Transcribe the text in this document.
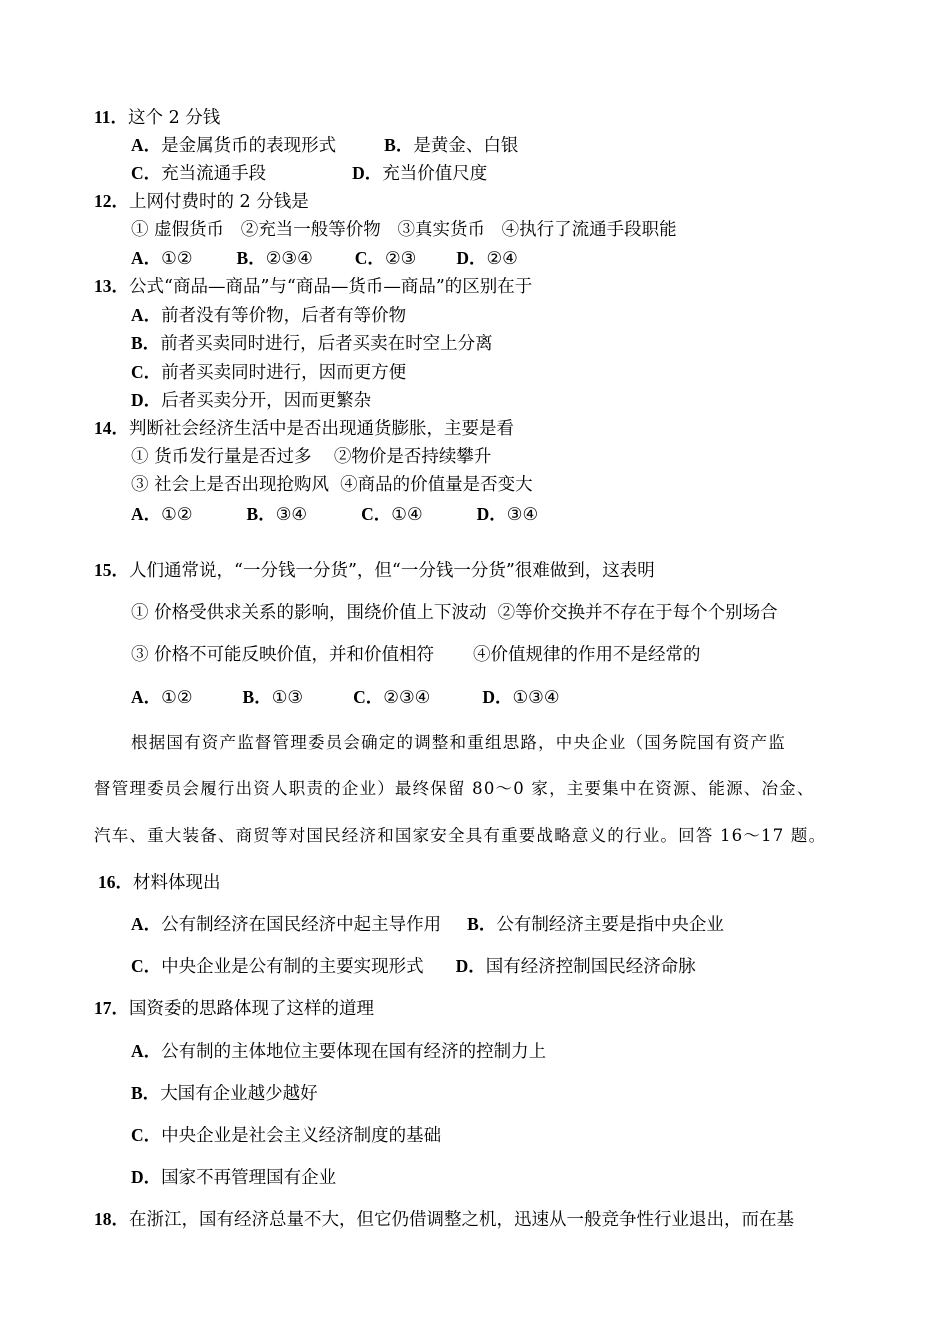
11．这个 2 分钱
A．是金属货币的表现形式	B．是黄金、白银
C．充当流通手段	D．充当价值尺度
12．上网付费时的 2 分钱是
① 虚假货币   ②充当一般等价物   ③真实货币   ④执行了流通手段职能
A．①②	B．②③④ C．②③ D．②④
13．公式“商品—商品”与“商品—货币—商品”的区别在于
A．前者没有等价物，后者有等价物
B．前者买卖同时进行，后者买卖在时空上分离
C．前者买卖同时进行，因而更方便
D．后者买卖分开，因而更繁杂
14．判断社会经济生活中是否出现通货膨胀，主要是看
① 货币发行量是否过多    ②物价是否持续攀升
③ 社会上是否出现抢购风  ④商品的价值量是否变大
A．①②	B．③④	C．①④	D．③④
15．人们通常说，“一分钱一分货”，但“一分钱一分货”很难做到，这表明
① 价格受供求关系的影响，围绕价值上下波动  ②等价交换并不存在于每个个别场合
③ 价格不可能反映价值，并和价值相符       ④价值规律的作用不是经常的
A．①②	B．①③	C．②③④	D．①③④
根据国有资产监督管理委员会确定的调整和重组思路，中央企业（国务院国有资产监
督管理委员会履行出资人职责的企业）最终保留 80～0 家，主要集中在资源、能源、冶金、
汽车、重大装备、商贸等对国民经济和国家安全具有重要战略意义的行业。回答 16～17 题。
16．材料体现出
A．公有制经济在国民经济中起主导作用 B．公有制经济主要是指中央企业
C．中央企业是公有制的主要实现形式 D．国有经济控制国民经济命脉
17．国资委的思路体现了这样的道理
A．公有制的主体地位主要体现在国有经济的控制力上
B．大国有企业越少越好
C．中央企业是社会主义经济制度的基础
D．国家不再管理国有企业
18．在浙江，国有经济总量不大，但它仍借调整之机，迅速从一般竞争性行业退出，而在基
